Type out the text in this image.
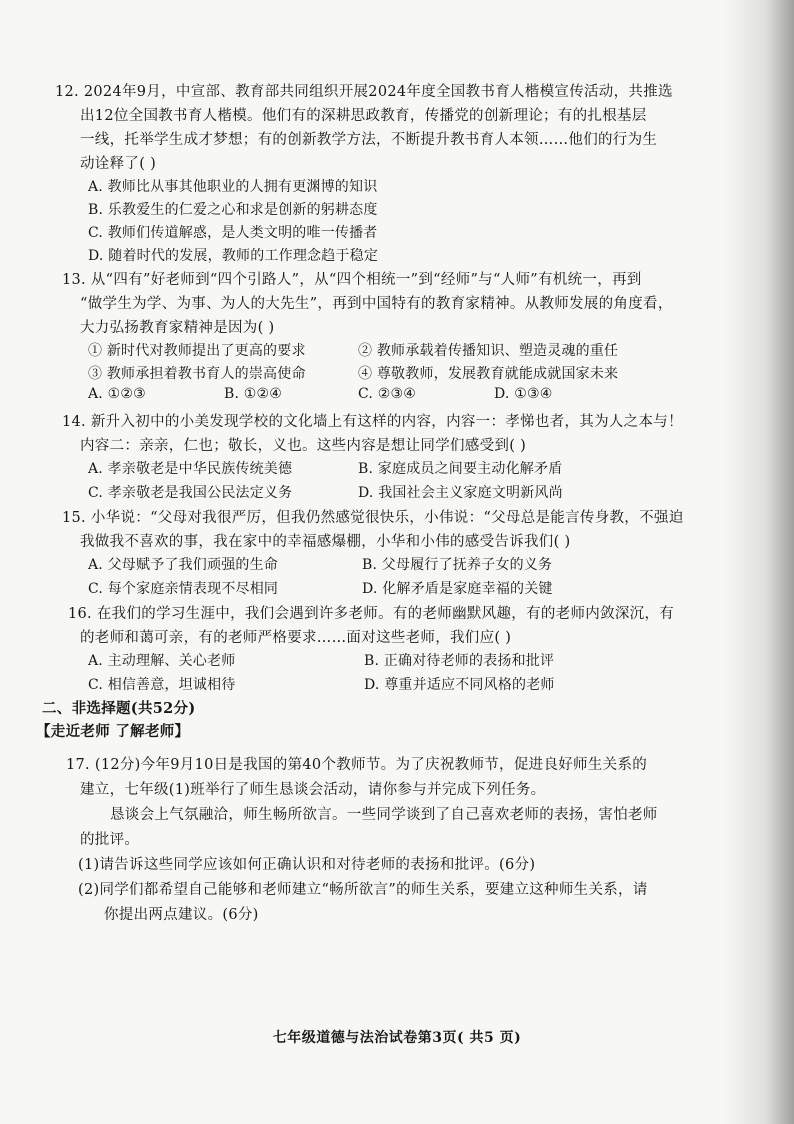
12. 2024年9月，中宣部、教育部共同组织开展2024年度全国教书育人楷模宣传活动，共推选
出12位全国教书育人楷模。他们有的深耕思政教育，传播党的创新理论；有的扎根基层
一线，托举学生成才梦想；有的创新教学方法，不断提升教书育人本领……他们的行为生
动诠释了( )
A. 教师比从事其他职业的人拥有更渊博的知识
B. 乐教爱生的仁爱之心和求是创新的躬耕态度
C. 教师们传道解惑，是人类文明的唯一传播者
D. 随着时代的发展，教师的工作理念趋于稳定
13. 从“四有”好老师到“四个引路人”，从“四个相统一”到“经师”与“人师”有机统一，再到
“做学生为学、为事、为人的大先生”，再到中国特有的教育家精神。从教师发展的角度看，
大力弘扬教育家精神是因为( )
① 新时代对教师提出了更高的要求	② 教师承载着传播知识、塑造灵魂的重任
③ 教师承担着教书育人的崇高使命	④ 尊敬教师，发展教育就能成就国家未来
A. ①②③	B. ①②④	C. ②③④	D. ①③④
14. 新升入初中的小美发现学校的文化墙上有这样的内容，内容一：孝悌也者，其为人之本与！
内容二：亲亲，仁也；敬长，义也。这些内容是想让同学们感受到( )
A. 孝亲敬老是中华民族传统美德	B. 家庭成员之间要主动化解矛盾
C. 孝亲敬老是我国公民法定义务	D. 我国社会主义家庭文明新风尚
15. 小华说：“父母对我很严厉，但我仍然感觉很快乐，小伟说：“父母总是能言传身教，不强迫
我做我不喜欢的事，我在家中的幸福感爆棚，小华和小伟的感受告诉我们( )
A. 父母赋予了我们顽强的生命	B. 父母履行了抚养子女的义务
C. 每个家庭亲情表现不尽相同	D. 化解矛盾是家庭幸福的关键
16. 在我们的学习生涯中，我们会遇到许多老师。有的老师幽默风趣，有的老师内敛深沉，有
的老师和蔼可亲，有的老师严格要求……面对这些老师，我们应( )
A. 主动理解、关心老师	B. 正确对待老师的表扬和批评
C. 相信善意，坦诚相待	D. 尊重并适应不同风格的老师
二、非选择题(共52分)
【走近老师 了解老师】
17. (12分)今年9月10日是我国的第40个教师节。为了庆祝教师节，促进良好师生关系的
建立，七年级(1)班举行了师生恳谈会活动，请你参与并完成下列任务。
恳谈会上气氛融洽，师生畅所欲言。一些同学谈到了自己喜欢老师的表扬，害怕老师
的批评。
(1)请告诉这些同学应该如何正确认识和对待老师的表扬和批评。(6分)
(2)同学们都希望自己能够和老师建立“畅所欲言”的师生关系，要建立这种师生关系，请
你提出两点建议。(6分)
七年级道德与法治试卷第3页( 共5 页)
